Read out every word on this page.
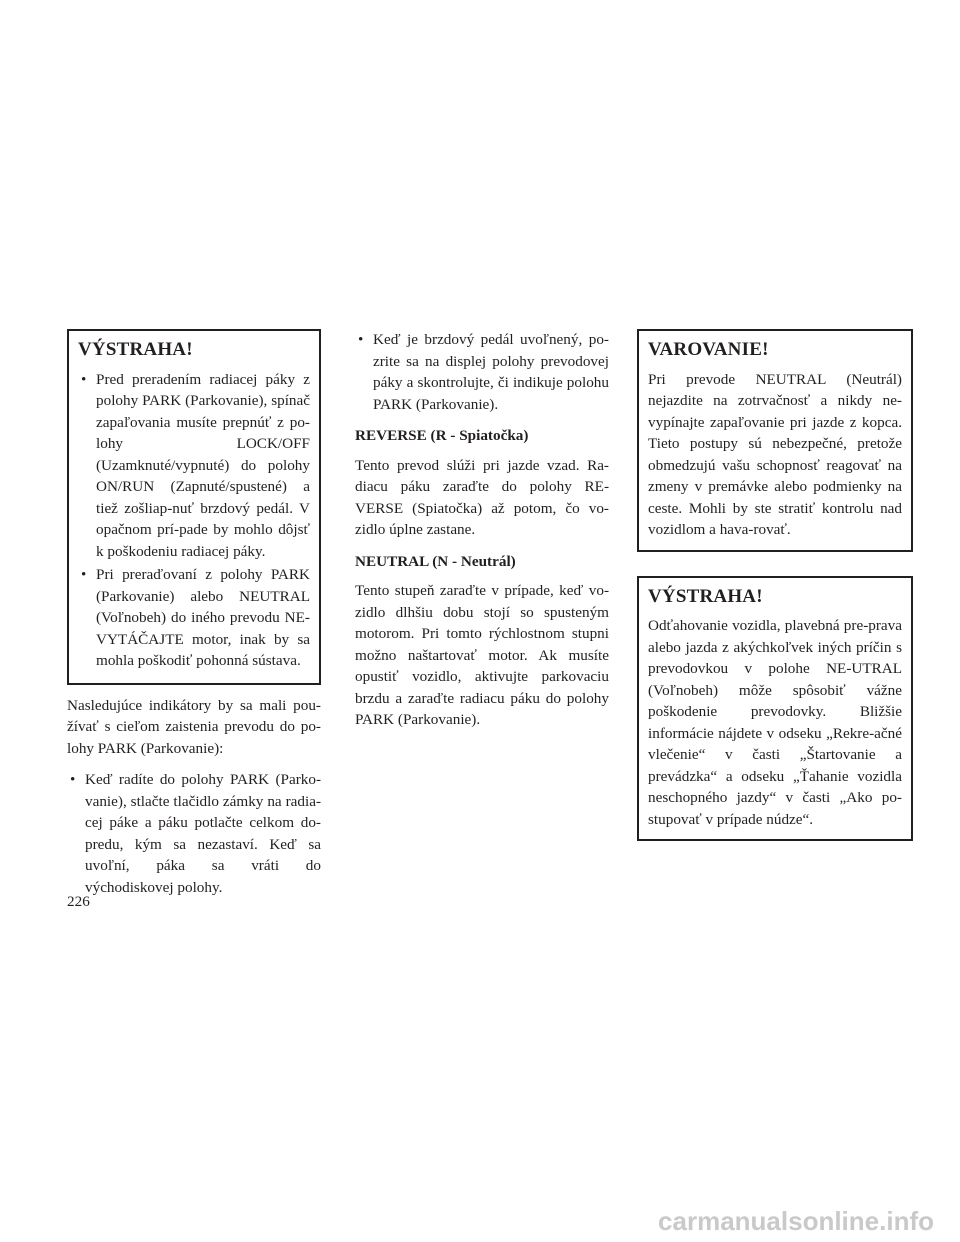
VÝSTRAHA!
• Pred preradením radiacej páky z polohy PARK (Parkovanie), spínač zapaľovania musíte prepnúť z po-lohy LOCK/OFF (Uzamknuté/vypnuté) do polohy ON/RUN (Zapnuté/spustené) a tiež zošliap-nuť brzdový pedál. V opačnom prí-pade by mohlo dôjsť k poškodeniu radiacej páky.
• Pri preraďovaní z polohy PARK (Parkovanie) alebo NEUTRAL (Voľnobeh) do iného prevodu NE-VYTÁČAJTE motor, inak by sa mohla poškodiť pohonná sústava.

Nasledujúce indikátory by sa mali pou-žívať s cieľom zaistenia prevodu do po-lohy PARK (Parkovanie):

• Keď radíte do polohy PARK (Parko-vanie), stlačte tlačidlo zámky na radia-cej páke a páku potlačte celkom do-predu, kým sa nezastaví. Keď sa uvoľní, páka sa vráti do východiskovej polohy.
• Keď je brzdový pedál uvoľnený, po-zrite sa na displej polohy prevodovej páky a skontrolujte, či indikuje polohu PARK (Parkovanie).
REVERSE (R - Spiatočka)

Tento prevod slúži pri jazde vzad. Ra-diacu páku zaraďte do polohy RE-VERSE (Spiatočka) až potom, čo vo-zidlo úplne zastane.

NEUTRAL (N - Neutrál)

Tento stupeň zaraďte v prípade, keď vo-zidlo dlhšiu dobu stojí so spusteným motorom. Pri tomto rýchlostnom stupni možno naštartovať motor. Ak musíte opustiť vozidlo, aktivujte parkovaciu brzdu a zaraďte radiacu páku do polohy PARK (Parkovanie).

VAROVANIE!

Pri prevode NEUTRAL (Neutrál) nejazdite na zotrvačnosť a nikdy ne-vypínajte zapaľovanie pri jazde z kopca. Tieto postupy sú nebezpečné, pretože obmedzujú vašu schopnosť reagovať na zmeny v premávke alebo podmienky na ceste. Mohli by ste stratiť kontrolu nad vozidlom a hava-rovať.

VÝSTRAHA!

Odťahovanie vozidla, plavebná pre-prava alebo jazda z akýchkoľvek iných príčin s prevodovkou v polohe NE-UTRAL (Voľnobeh) môže spôsobiť vážne poškodenie prevodovky. Bližšie informácie nájdete v odseku „Rekre-ačné vlečenie“ v časti „Štartovanie a prevádzka“ a odseku „Ťahanie vozidla neschopného jazdy“ v časti „Ako po-stupovať v prípade núdze“.

226
carmanualsonline.info
